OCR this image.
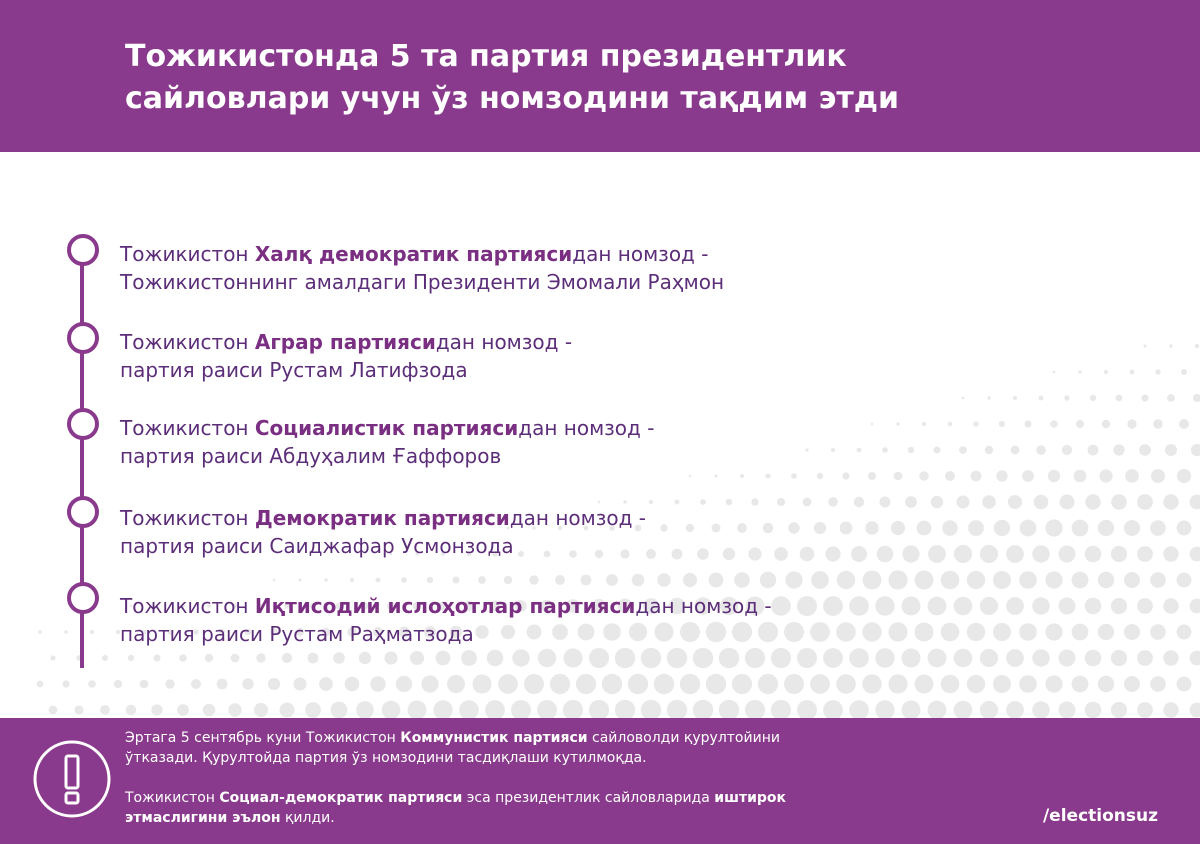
Тожикистонда 5 та партия президентлик
сайловлари учун ўз номзодини тақдим этди
Тожикистон Халқ демократик партиясидан номзод -
Тожикистоннинг амалдаги Президенти Эмомали Раҳмон
Тожикистон Аграр партиясидан номзод -
партия раиси Рустам Латифзода
Тожикистон Социалистик партиясидан номзод -
партия раиси Абдуҳалим Ғаффоров
Тожикистон Демократик партиясидан номзод -
партия раиси Саиджафар Усмонзода
Тожикистон Иқтисодий ислоҳотлар партиясидан номзод -
партия раиси Рустам Раҳматзода
Эртага 5 сентябрь куни Тожикистон Коммунистик партияси сайловолди қурултойини
ўтказади. Қурултойда партия ўз номзодини тасдиқлаши кутилмоқда.
Тожикистон Социал-демократик партияси эса президентлик сайловларида иштирок
этмаслигини эълон қилди.	/electionsuz
